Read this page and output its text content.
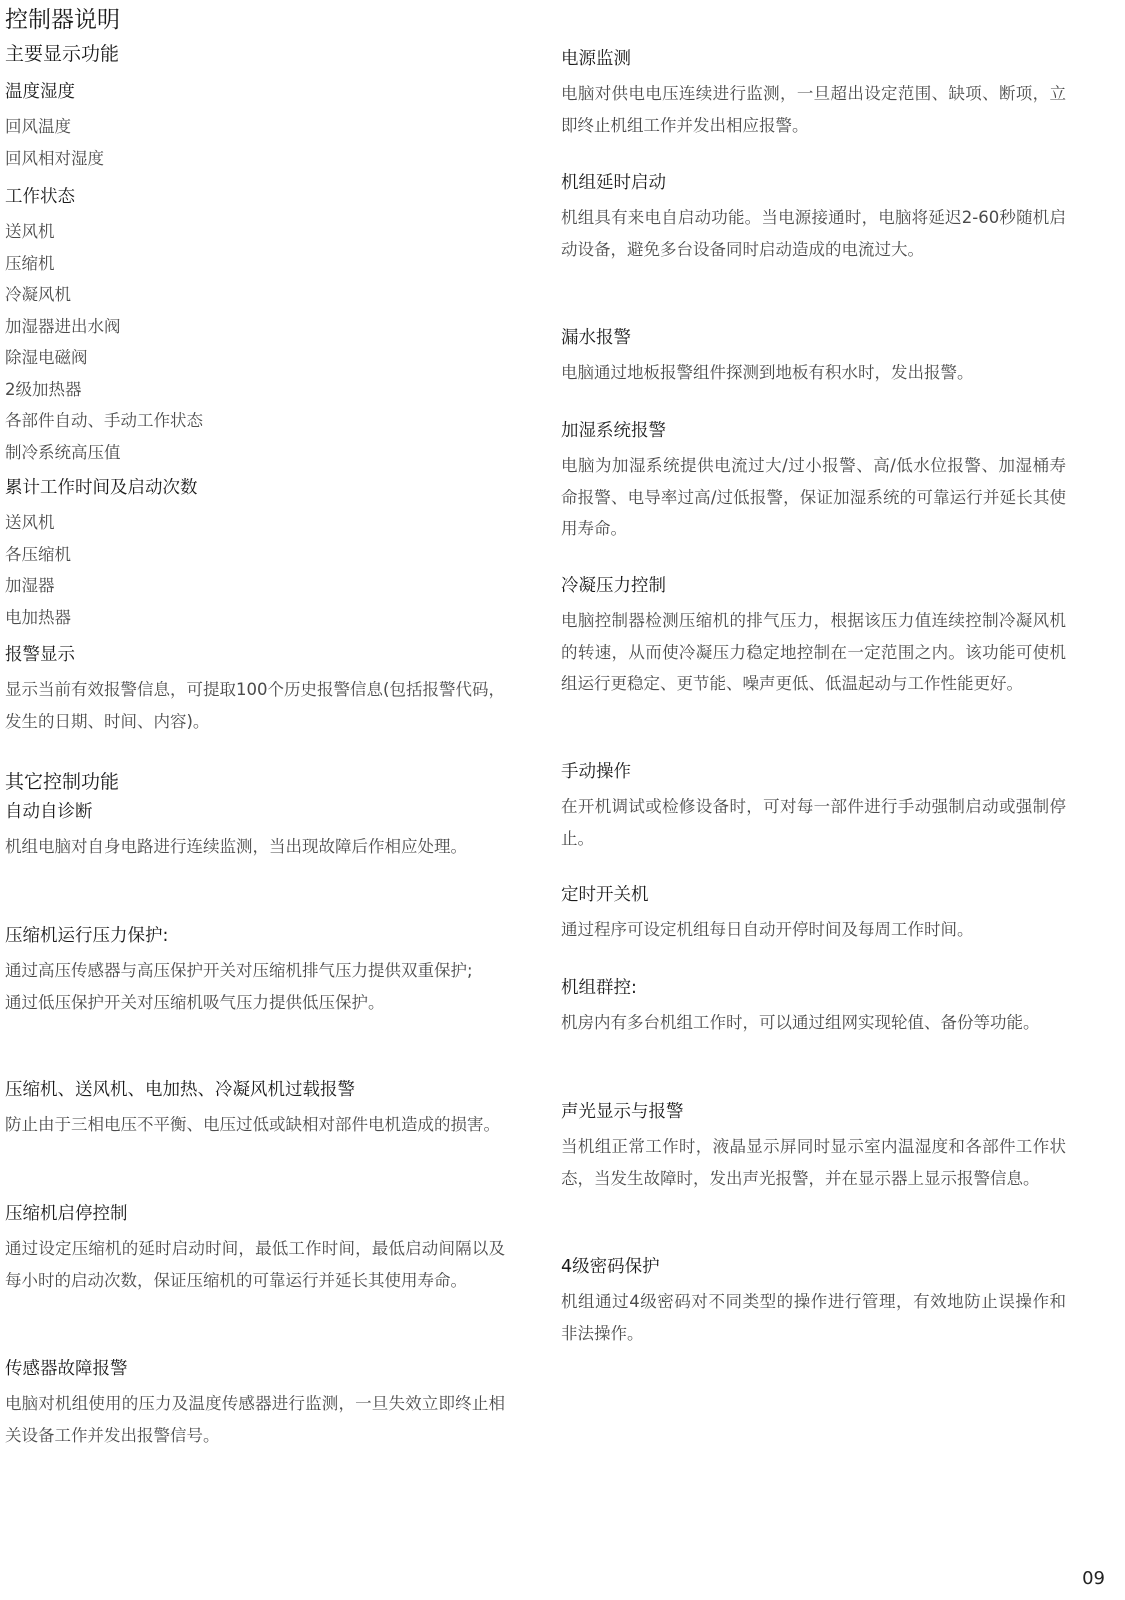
控制器说明
主要显示功能
温度湿度
回风温度
回风相对湿度
工作状态
送风机
压缩机
冷凝风机
加湿器进出水阀
除湿电磁阀
2级加热器
各部件自动、手动工作状态
制冷系统高压值
累计工作时间及启动次数
送风机
各压缩机
加湿器
电加热器
报警显示
显示当前有效报警信息，可提取100个历史报警信息(包括报警代码，发生的日期、时间、内容)。
其它控制功能
自动自诊断
机组电脑对自身电路进行连续监测，当出现故障后作相应处理。
压缩机运行压力保护:
通过高压传感器与高压保护开关对压缩机排气压力提供双重保护;
通过低压保护开关对压缩机吸气压力提供低压保护。
压缩机、送风机、电加热、冷凝风机过载报警
防止由于三相电压不平衡、电压过低或缺相对部件电机造成的损害。
压缩机启停控制
通过设定压缩机的延时启动时间，最低工作时间，最低启动间隔以及每小时的启动次数，保证压缩机的可靠运行并延长其使用寿命。
传感器故障报警
电脑对机组使用的压力及温度传感器进行监测，一旦失效立即终止相关设备工作并发出报警信号。
电源监测
电脑对供电电压连续进行监测，一旦超出设定范围、缺项、断项，立即终止机组工作并发出相应报警。
机组延时启动
机组具有来电自启动功能。当电源接通时，电脑将延迟2-60秒随机启动设备，避免多台设备同时启动造成的电流过大。
漏水报警
电脑通过地板报警组件探测到地板有积水时，发出报警。
加湿系统报警
电脑为加湿系统提供电流过大/过小报警、高/低水位报警、加湿桶寿命报警、电导率过高/过低报警，保证加湿系统的可靠运行并延长其使用寿命。
冷凝压力控制
电脑控制器检测压缩机的排气压力，根据该压力值连续控制冷凝风机的转速，从而使冷凝压力稳定地控制在一定范围之内。该功能可使机组运行更稳定、更节能、噪声更低、低温起动与工作性能更好。
手动操作
在开机调试或检修设备时，可对每一部件进行手动强制启动或强制停止。
定时开关机
通过程序可设定机组每日自动开停时间及每周工作时间。
机组群控:
机房内有多台机组工作时，可以通过组网实现轮值、备份等功能。
声光显示与报警
当机组正常工作时，液晶显示屏同时显示室内温湿度和各部件工作状态，当发生故障时，发出声光报警，并在显示器上显示报警信息。
4级密码保护
机组通过4级密码对不同类型的操作进行管理，有效地防止误操作和非法操作。
09
